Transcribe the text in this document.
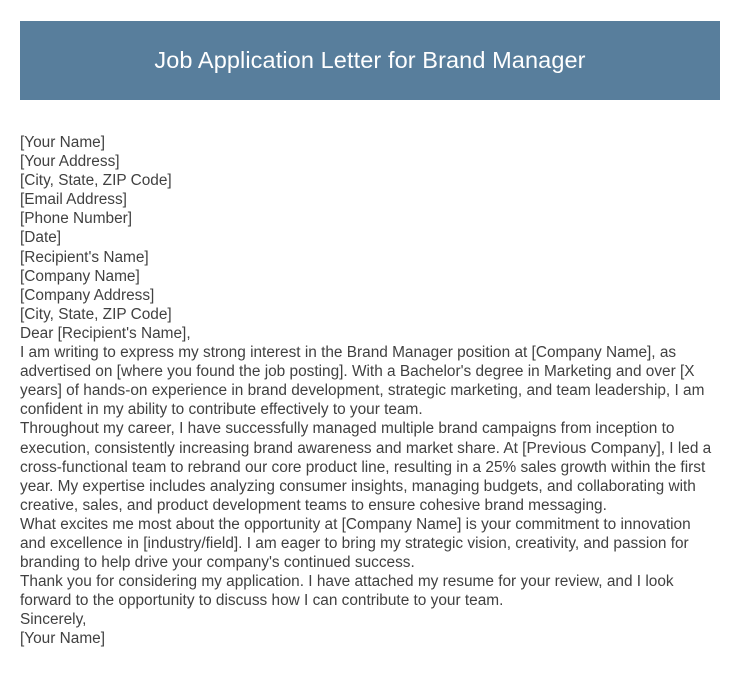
Job Application Letter for Brand Manager
[Your Name]
[Your Address]
[City, State, ZIP Code]
[Email Address]
[Phone Number]
[Date]
[Recipient's Name]
[Company Name]
[Company Address]
[City, State, ZIP Code]
Dear [Recipient's Name],

I am writing to express my strong interest in the Brand Manager position at [Company Name], as advertised on [where you found the job posting]. With a Bachelor's degree in Marketing and over [X years] of hands-on experience in brand development, strategic marketing, and team leadership, I am confident in my ability to contribute effectively to your team.

Throughout my career, I have successfully managed multiple brand campaigns from inception to execution, consistently increasing brand awareness and market share. At [Previous Company], I led a cross-functional team to rebrand our core product line, resulting in a 25% sales growth within the first year. My expertise includes analyzing consumer insights, managing budgets, and collaborating with creative, sales, and product development teams to ensure cohesive brand messaging.

What excites me most about the opportunity at [Company Name] is your commitment to innovation and excellence in [industry/field]. I am eager to bring my strategic vision, creativity, and passion for branding to help drive your company's continued success.

Thank you for considering my application. I have attached my resume for your review, and I look forward to the opportunity to discuss how I can contribute to your team.

Sincerely,
[Your Name]
